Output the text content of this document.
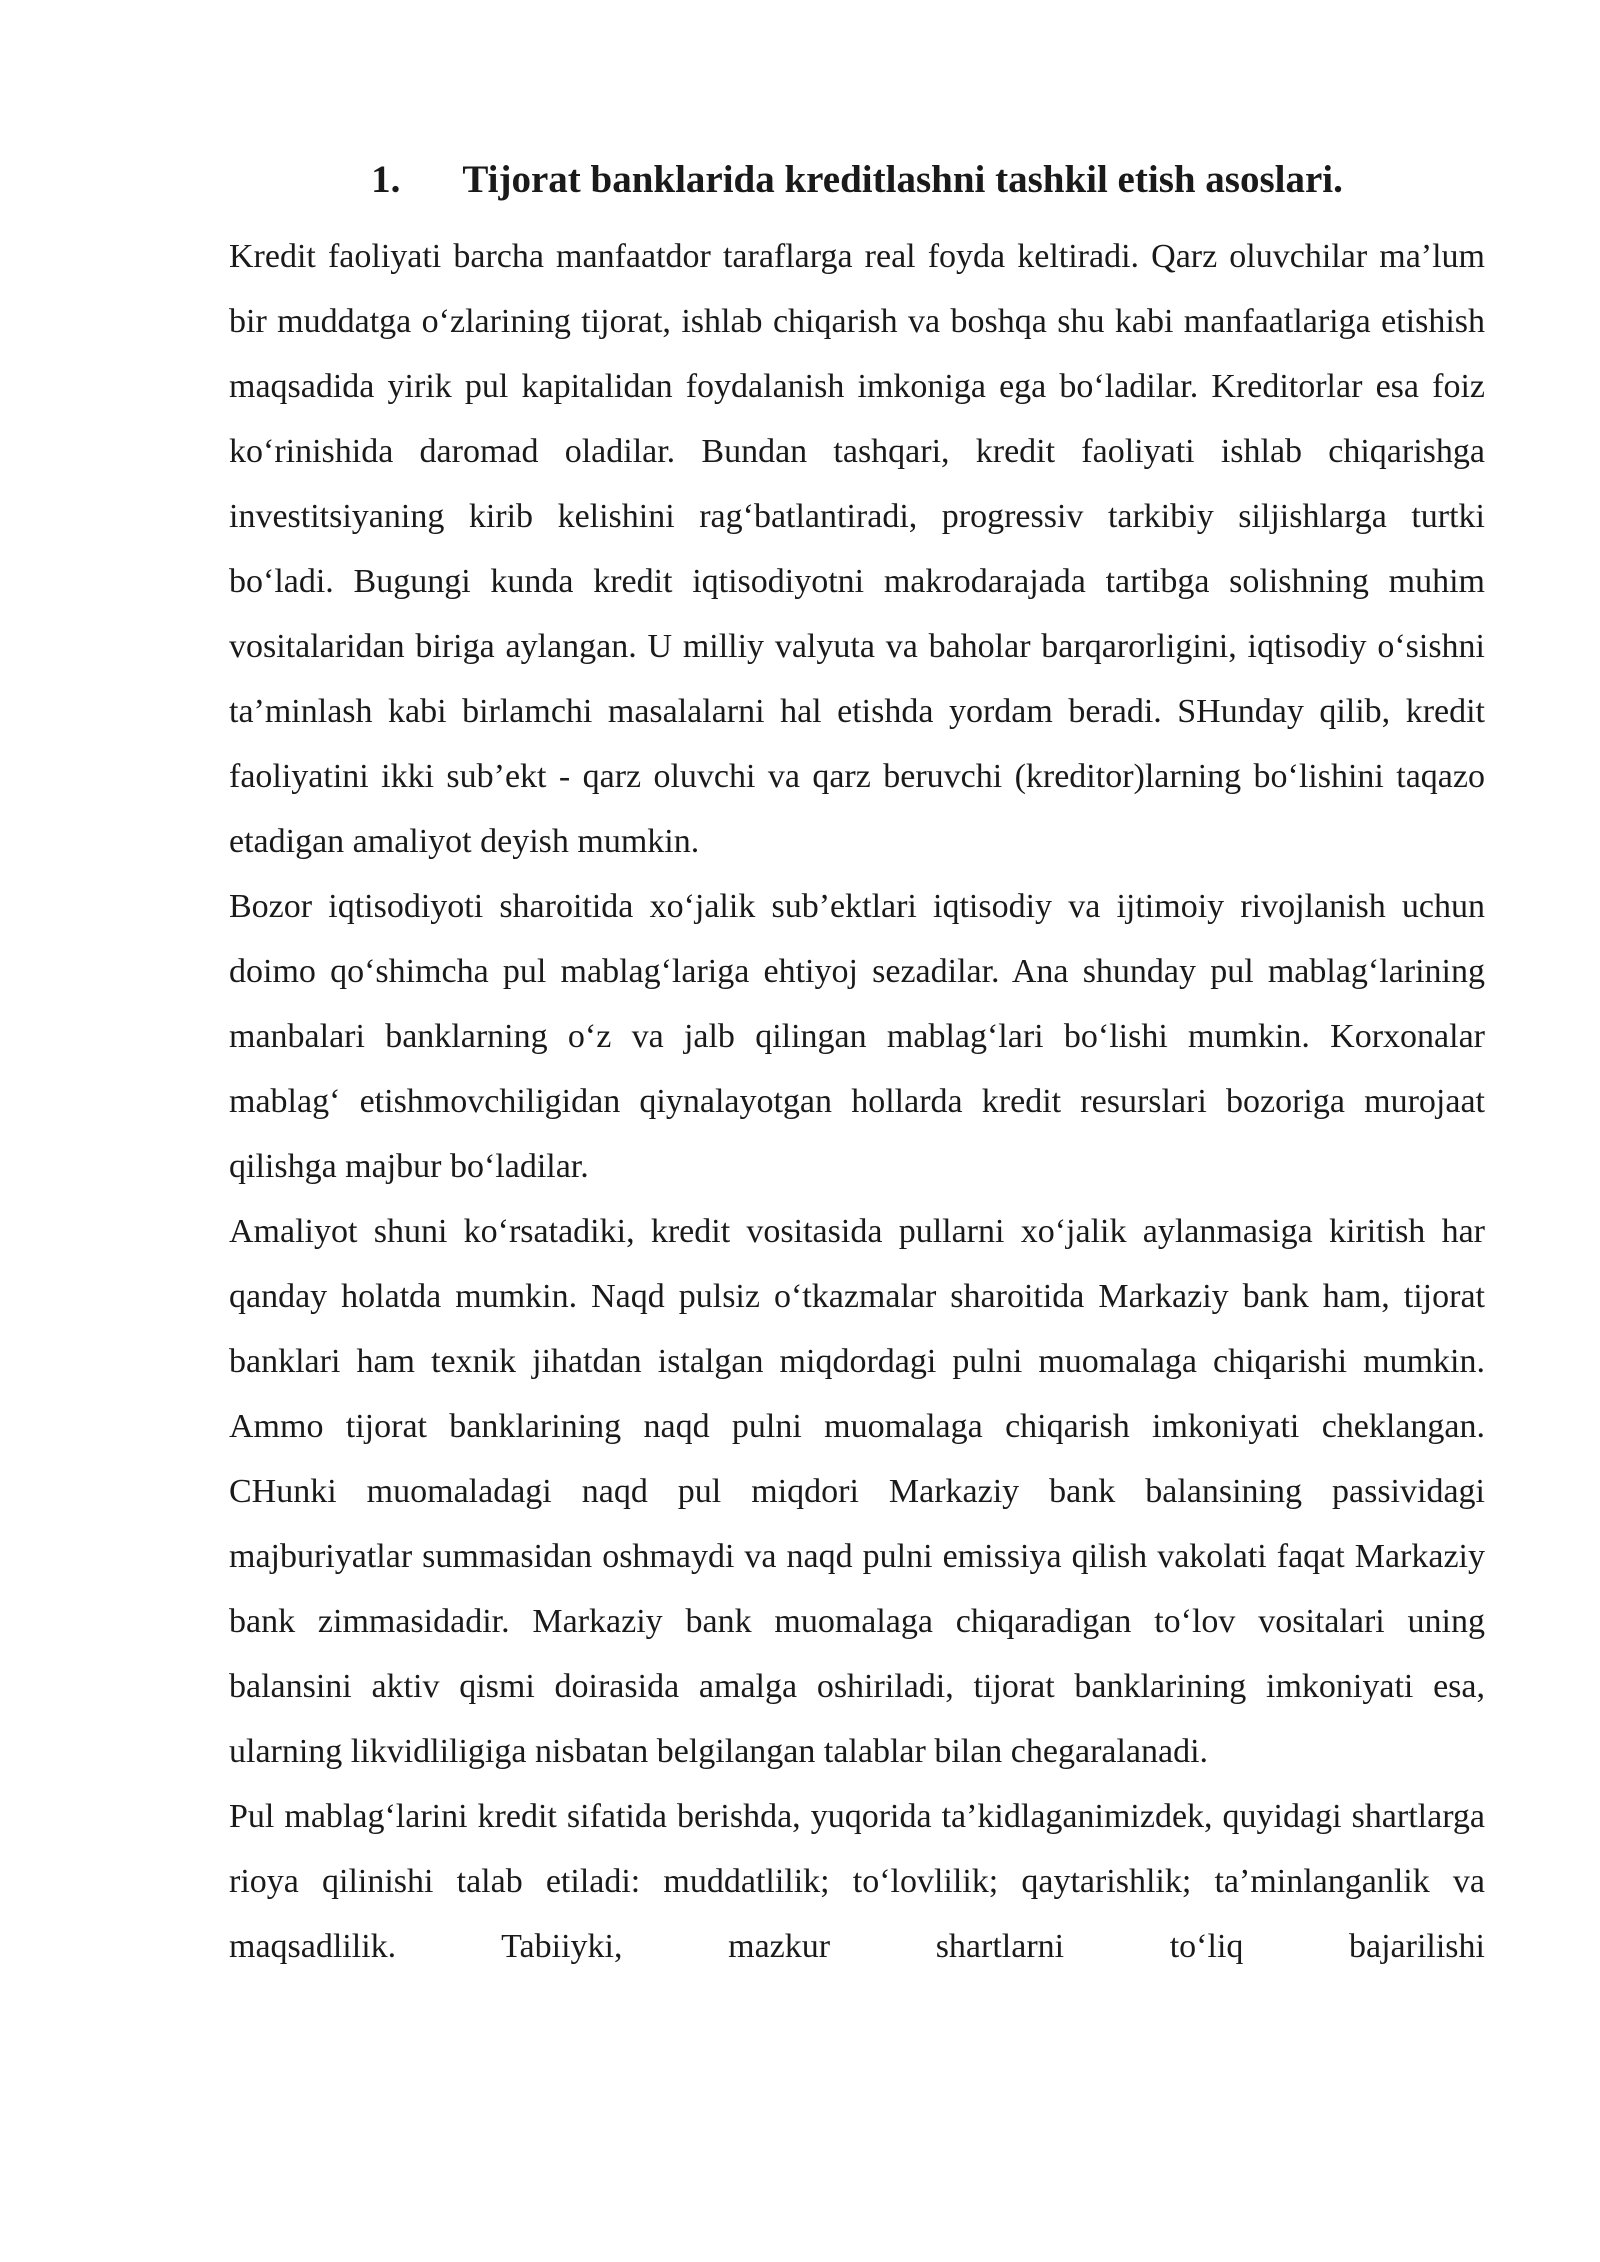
1. Tijorat banklarida kreditlashni tashkil etish asoslari.

Kredit faoliyati barcha manfaatdor taraflarga real foyda keltiradi. Qarz oluvchilar ma’lum bir muddatga o‘zlarining tijorat, ishlab chiqarish va boshqa shu kabi manfaatlariga etishish maqsadida yirik pul kapitalidan foydalanish imkoniga ega bo‘ladilar. Kreditorlar esa foiz ko‘rinishida daromad oladilar. Bundan tashqari, kredit faoliyati ishlab chiqarishga investitsiyaning kirib kelishini rag‘batlantiradi, progressiv tarkibiy siljishlarga turtki bo‘ladi. Bugungi kunda kredit iqtisodiyotni makrodarajada tartibga solishning muhim vositalaridan biriga aylangan. U milliy valyuta va baholar barqarorligini, iqtisodiy o‘sishni ta’minlash kabi birlamchi masalalarni hal etishda yordam beradi. SHunday qilib, kredit faoliyatini ikki sub’ekt - qarz oluvchi va qarz beruvchi (kreditor)larning bo‘lishini taqazo etadigan amaliyot deyish mumkin.

Bozor iqtisodiyoti sharoitida xo‘jalik sub’ektlari iqtisodiy va ijtimoiy rivojlanish uchun doimo qo‘shimcha pul mablag‘lariga ehtiyoj sezadilar. Ana shunday pul mablag‘larining manbalari banklarning o‘z va jalb qilingan mablag‘lari bo‘lishi mumkin. Korxonalar mablag‘ etishmovchiligidan qiynalayotgan hollarda kredit resurslari bozoriga murojaat qilishga majbur bo‘ladilar.

Amaliyot shuni ko‘rsatadiki, kredit vositasida pullarni xo‘jalik aylanmasiga kiritish har qanday holatda mumkin. Naqd pulsiz o‘tkazmalar sharoitida Markaziy bank ham, tijorat banklari ham texnik jihatdan istalgan miqdordagi pulni muomalaga chiqarishi mumkin. Ammo tijorat banklarining naqd pulni muomalaga chiqarish imkoniyati cheklangan. CHunki muomaladagi naqd pul miqdori Markaziy bank balansining passividagi majburiyatlar summasidan oshmaydi va naqd pulni emissiya qilish vakolati faqat Markaziy bank zimmasidadir. Markaziy bank muomalaga chiqaradigan to‘lov vositalari uning balansini aktiv qismi doirasida amalga oshiriladi, tijorat banklarining imkoniyati esa, ularning likvidliligiga nisbatan belgilangan talablar bilan chegaralanadi.

Pul mablag‘larini kredit sifatida berishda, yuqorida ta’kidlaganimizdek, quyidagi shartlarga rioya qilinishi talab etiladi: muddatlilik; to‘lovlilik; qaytarishlik; ta’minlanganlik va maqsadlilik. Tabiiyki, mazkur shartlarni to‘liq bajarilishi
